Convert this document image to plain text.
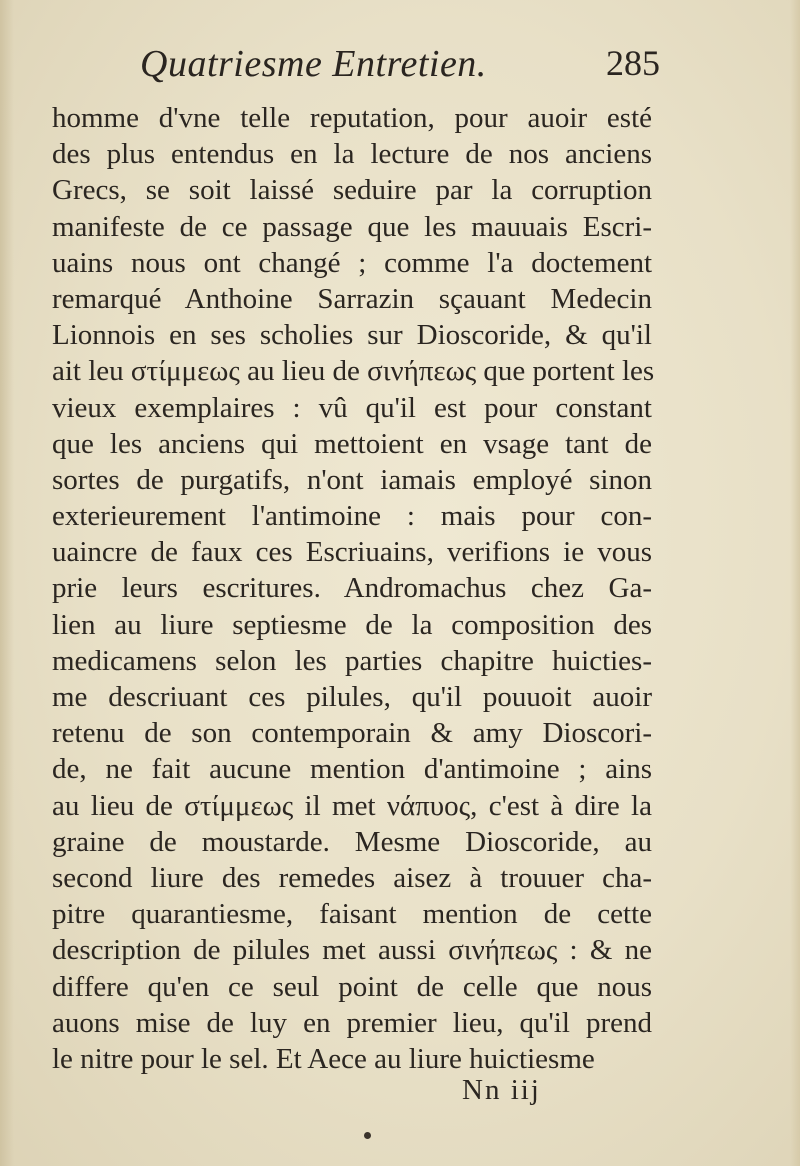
Quatriesme Entretien.	285
homme d'vne telle reputation, pour auoir esté
des plus entendus en la lecture de nos anciens
Grecs, se soit laissé seduire par la corruption
manifeste de ce passage que les mauuais Escri-
uains nous ont changé ; comme l'a doctement
remarqué Anthoine Sarrazin sçauant Medecin
Lionnois en ses scholies sur Dioscoride, & qu'il
ait leu στίμμεως au lieu de σινήπεως que portent les
vieux exemplaires : vû qu'il est pour constant
que les anciens qui mettoient en vsage tant de
sortes de purgatifs, n'ont iamais employé sinon
exterieurement l'antimoine : mais pour con-
uaincre de faux ces Escriuains, verifions ie vous
prie leurs escritures. Andromachus chez Ga-
lien au liure septiesme de la composition des
medicamens selon les parties chapitre huicties-
me descriuant ces pilules, qu'il pouuoit auoir
retenu de son contemporain & amy Dioscori-
de, ne fait aucune mention d'antimoine ; ains
au lieu de στίμμεως il met νάπυος, c'est à dire la
graine de moustarde. Mesme Dioscoride, au
second liure des remedes aisez à trouuer cha-
pitre quarantiesme, faisant mention de cette
description de pilules met aussi σινήπεως : & ne
differe qu'en ce seul point de celle que nous
auons mise de luy en premier lieu, qu'il prend
le nitre pour le sel. Et Aece au liure huictiesme
Nn iij
